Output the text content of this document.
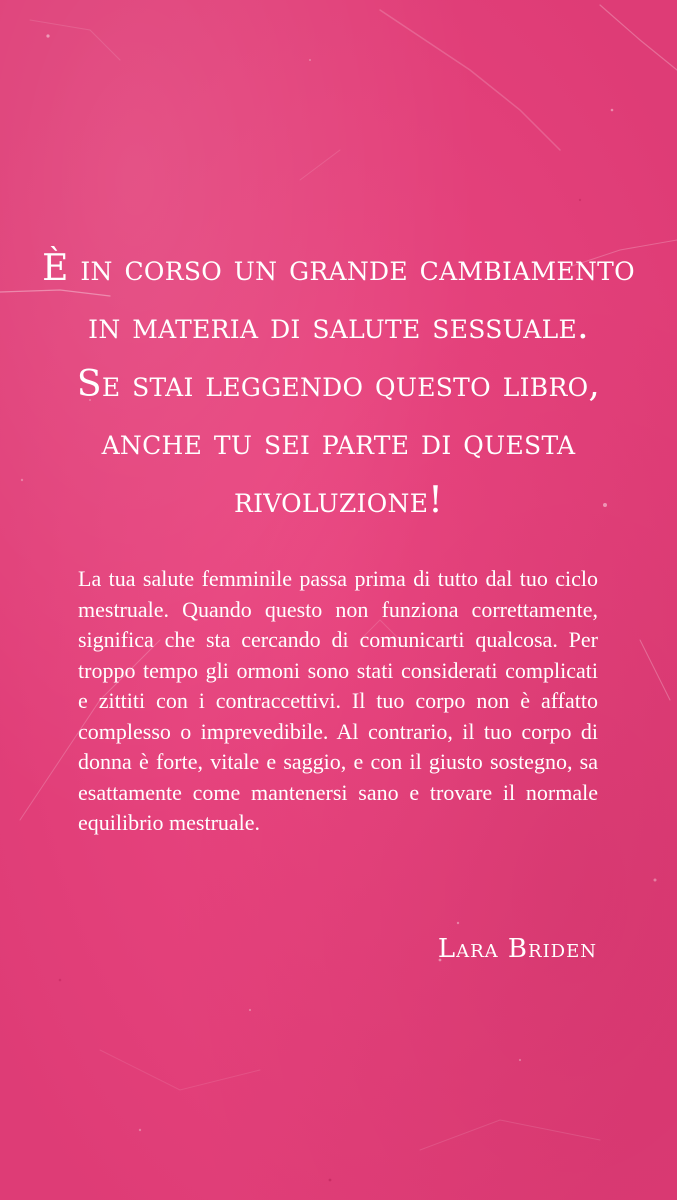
È in corso un grande cambiamento
in materia di salute sessuale.
Se stai leggendo questo libro,
anche tu sei parte di questa
rivoluzione!

La tua salute femminile passa prima di tutto dal tuo ciclo mestruale. Quando questo non funziona correttamente, significa che sta cercando di comunicarti qualcosa. Per troppo tempo gli ormoni sono stati considerati complicati e zittiti con i contraccettivi. Il tuo corpo non è affatto complesso o imprevedibile. Al contrario, il tuo corpo di donna è forte, vitale e saggio, e con il giusto sostegno, sa esattamente come mantenersi sano e trovare il normale equilibrio mestruale.

Lara Briden
